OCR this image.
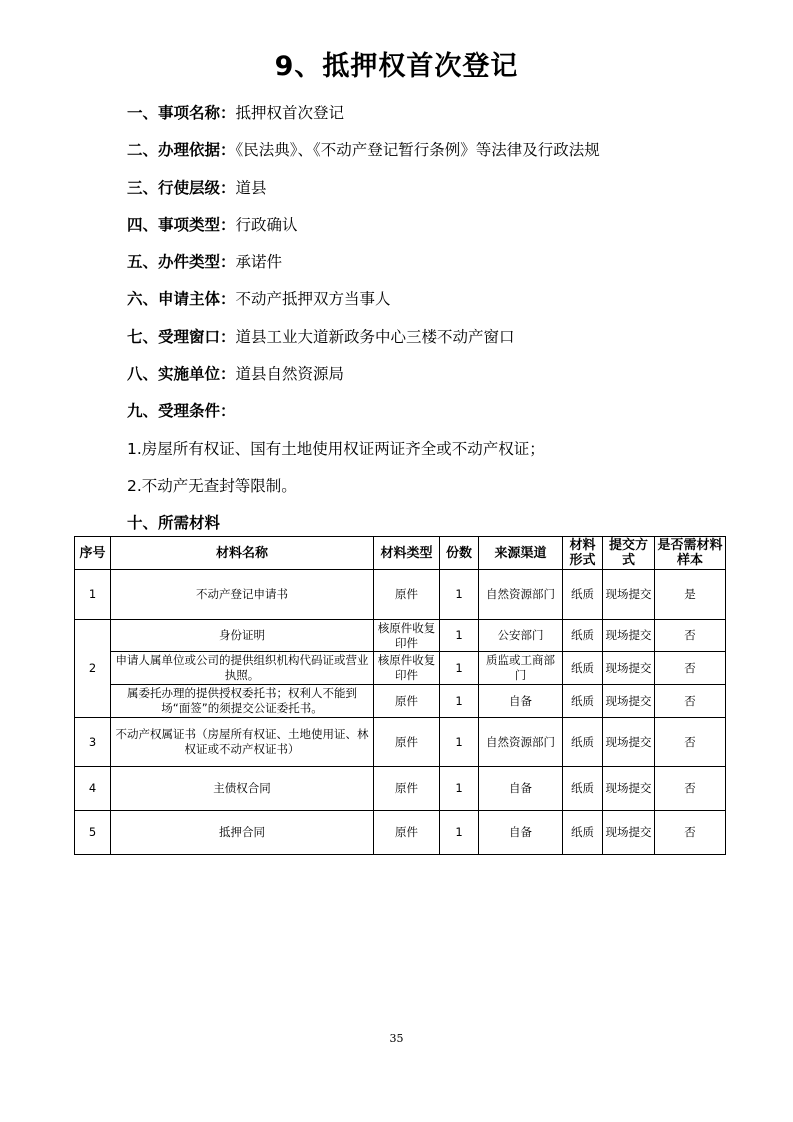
9、抵押权首次登记
一、事项名称：抵押权首次登记
二、办理依据：《民法典》、《不动产登记暂行条例》等法律及行政法规
三、行使层级：道县
四、事项类型：行政确认
五、办件类型：承诺件
六、申请主体：不动产抵押双方当事人
七、受理窗口：道县工业大道新政务中心三楼不动产窗口
八、实施单位：道县自然资源局
九、受理条件：
1.房屋所有权证、国有土地使用权证两证齐全或不动产权证；
2.不动产无查封等限制。
十、所需材料
序号	材料名称	材料类型	份数	来源渠道	材料形式	提交方式	是否需材料样本
1	不动产登记申请书	原件	1	自然资源部门	纸质	现场提交	是
2	身份证明	核原件收复印件	1	公安部门	纸质	现场提交	否
	申请人属单位或公司的提供组织机构代码证或营业执照。	核原件收复印件	1	质监或工商部门	纸质	现场提交	否
	属委托办理的提供授权委托书；权利人不能到场“面签”的须提交公证委托书。	原件	1	自备	纸质	现场提交	否
3	不动产权属证书（房屋所有权证、土地使用证、林权证或不动产权证书）	原件	1	自然资源部门	纸质	现场提交	否
4	主债权合同	原件	1	自备	纸质	现场提交	否
5	抵押合同	原件	1	自备	纸质	现场提交	否
35
